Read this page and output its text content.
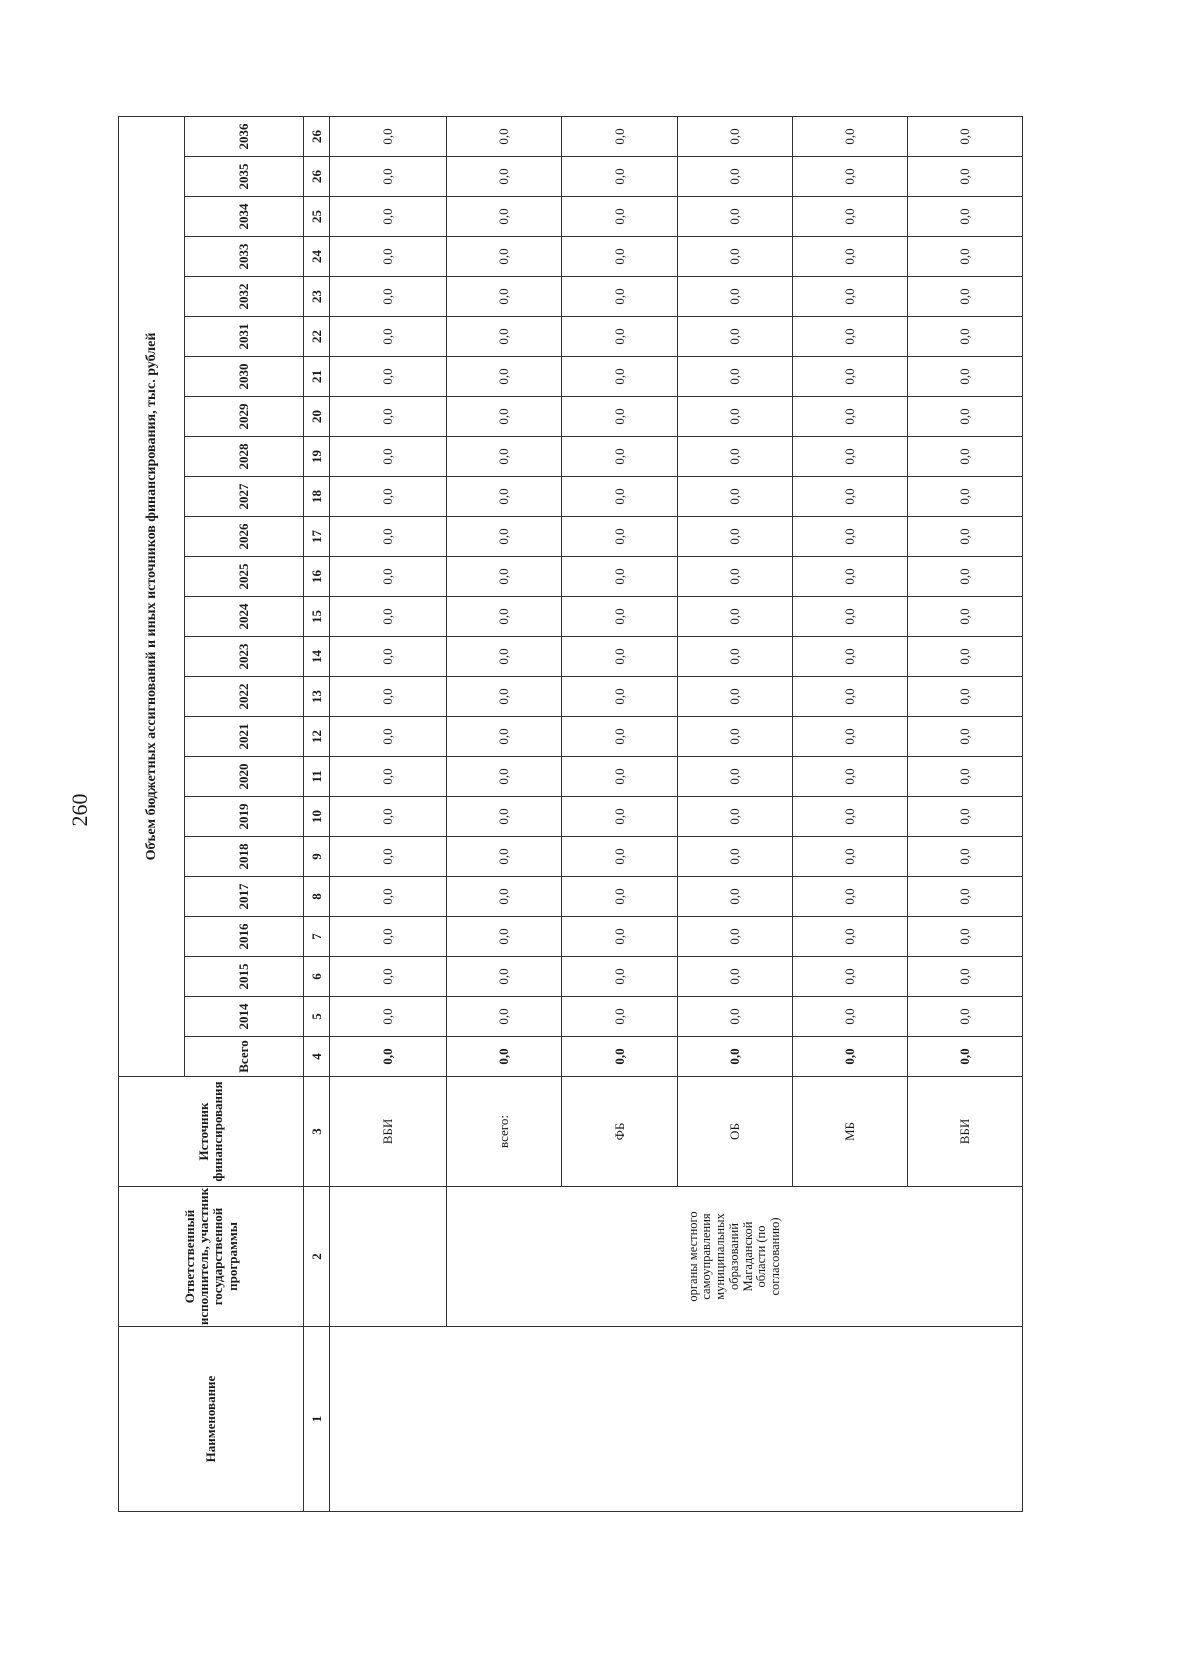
260
Наименование	Ответственный исполнитель, участник государственной программы	Источник финансирования	Объем бюджетных ассигнований и иных источников финансирования, тыс. рублей																							
			Всего	2014	2015	2016	2017	2018	2019	2020	2021	2022	2023	2024	2025	2026	2027	2028	2029	2030	2031	2032	2033	2034	2035	2036
1	2	3	4	5	6	7	8	9	10	11	12	13	14	15	16	17	18	19	20	21	22	23	24	25	26	26
		ВБИ	0,0	0,0	0,0	0,0	0,0	0,0	0,0	0,0	0,0	0,0	0,0	0,0	0,0	0,0	0,0	0,0	0,0	0,0	0,0	0,0	0,0	0,0	0,0	0,0
	органы местного самоуправления муниципальных образований Магаданской области (по согласованию)	всего:	0,0	0,0	0,0	0,0	0,0	0,0	0,0	0,0	0,0	0,0	0,0	0,0	0,0	0,0	0,0	0,0	0,0	0,0	0,0	0,0	0,0	0,0	0,0	0,0
		ФБ	0,0	0,0	0,0	0,0	0,0	0,0	0,0	0,0	0,0	0,0	0,0	0,0	0,0	0,0	0,0	0,0	0,0	0,0	0,0	0,0	0,0	0,0	0,0	0,0
		ОБ	0,0	0,0	0,0	0,0	0,0	0,0	0,0	0,0	0,0	0,0	0,0	0,0	0,0	0,0	0,0	0,0	0,0	0,0	0,0	0,0	0,0	0,0	0,0	0,0
		МБ	0,0	0,0	0,0	0,0	0,0	0,0	0,0	0,0	0,0	0,0	0,0	0,0	0,0	0,0	0,0	0,0	0,0	0,0	0,0	0,0	0,0	0,0	0,0	0,0
		ВБИ	0,0	0,0	0,0	0,0	0,0	0,0	0,0	0,0	0,0	0,0	0,0	0,0	0,0	0,0	0,0	0,0	0,0	0,0	0,0	0,0	0,0	0,0	0,0	0,0
